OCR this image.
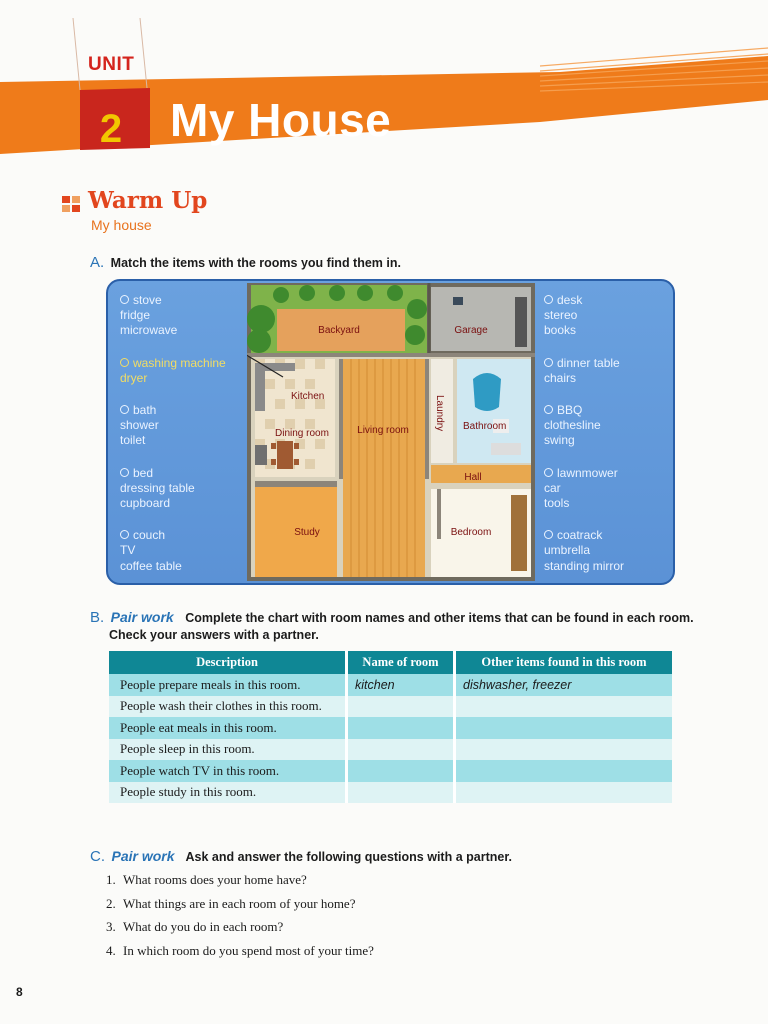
UNIT
2	My House
Warm Up
My house
A. Match the items with the rooms you find them in.
stove
fridge
microwave
washing machine
dryer
bath
shower
toilet
bed
dressing table
cupboard
couch
TV
coffee table
desk
stereo
books
dinner table
chairs
BBQ
clothesline
swing
lawnmower
car
tools
coatrack
umbrella
standing mirror
Backyard	Garage
Kitchen
Dining room	Living room	Laundry Bathroom
Hall
Study	Bedroom
B. Pair work Complete the chart with room names and other items that can be found in each room.
Check your answers with a partner.
Description	Name of room	Other items found in this room
People prepare meals in this room.	kitchen	dishwasher, freezer
People wash their clothes in this room.		
People eat meals in this room.		
People sleep in this room.		
People watch TV in this room.		
People study in this room.		
C. Pair work Ask and answer the following questions with a partner.
1. What rooms does your home have?
2. What things are in each room of your home?
3. What do you do in each room?
4. In which room do you spend most of your time?
8
